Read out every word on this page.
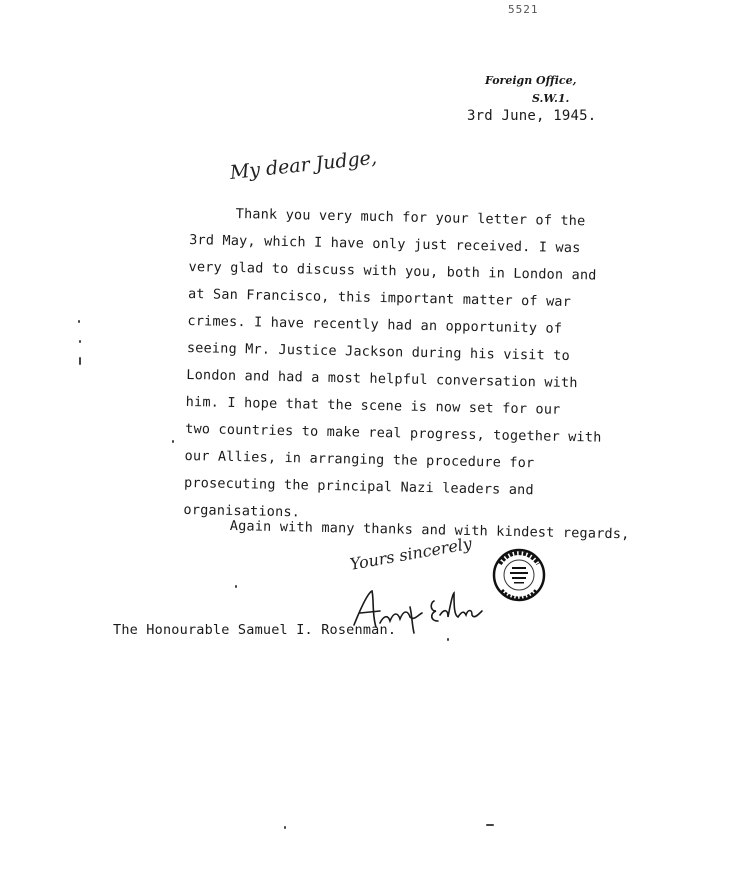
5521
Foreign Office,
S.W.1.
3rd June, 1945.
My dear Judge,
Thank you very much for your letter of the
3rd May, which I have only just received. I was
very glad to discuss with you, both in London and
at San Francisco, this important matter of war
crimes. I have recently had an opportunity of
seeing Mr. Justice Jackson during his visit to
London and had a most helpful conversation with
him. I hope that the scene is now set for our
two countries to make real progress, together with
our Allies, in arranging the procedure for
prosecuting the principal Nazi leaders and
organisations.
Again with many thanks and with kindest regards,
Yours sincerely
The Honourable Samuel I. Rosenman.
